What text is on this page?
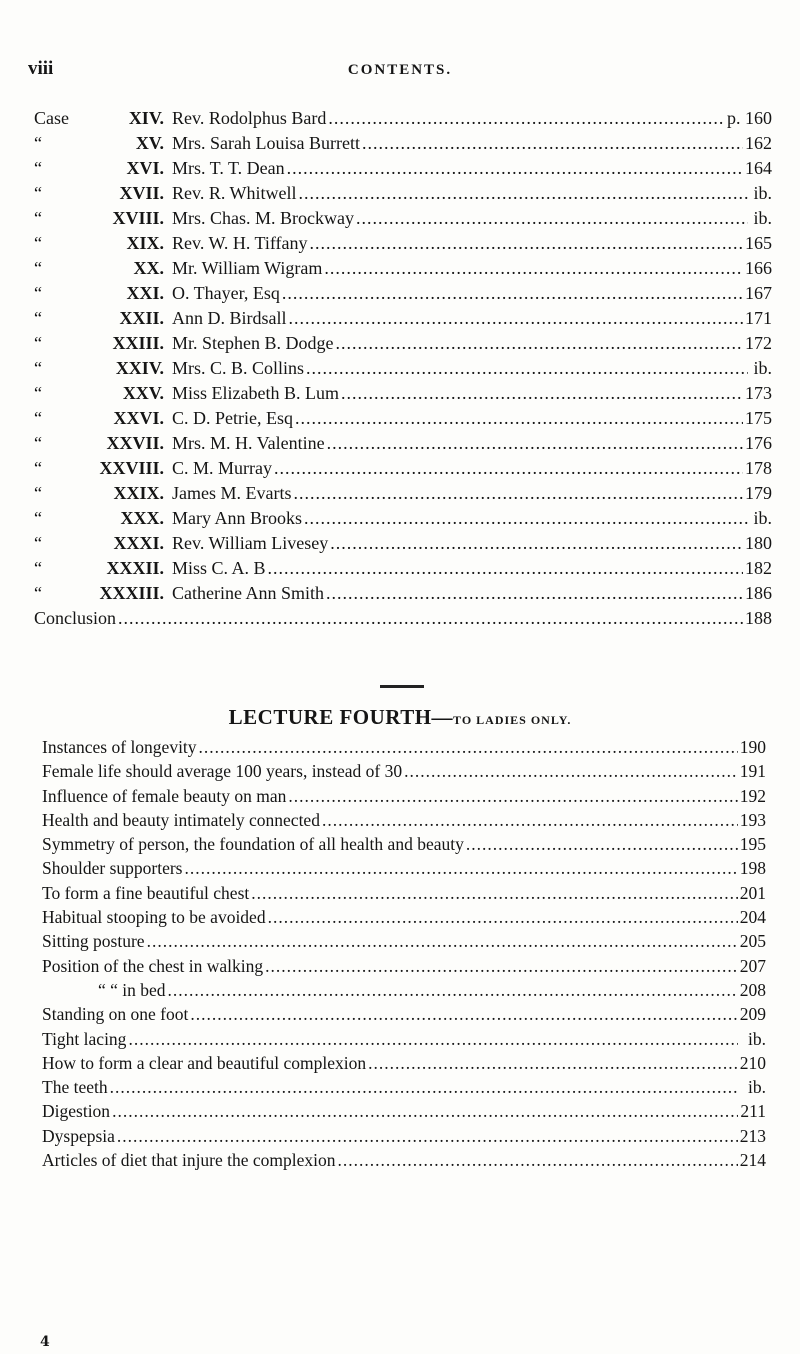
viii	CONTENTS.
Case	XIV. Rev. Rodolphus Bard .....	p. 160
“	XV. Mrs. Sarah Louisa Burrett .....	162
“	XVI. Mrs. T. T. Dean .....	164
“	XVII. Rev. R. Whitwell .....	ib.
“	XVIII. Mrs. Chas. M. Brockway .....	ib.
“	XIX. Rev. W. H. Tiffany .....	165
“	XX. Mr. William Wigram .....	166
“	XXI. O. Thayer, Esq .....	167
“	XXII. Ann D. Birdsall .....	171
“	XXIII. Mr. Stephen B. Dodge .....	172
“	XXIV. Mrs. C. B. Collins .....	ib.
“	XXV. Miss Elizabeth B. Lum .....	173
“	XXVI. C. D. Petrie, Esq .....	175
“	XXVII. Mrs. M. H. Valentine .....	176
“	XXVIII. C. M. Murray .....	178
“	XXIX. James M. Evarts .....	179
“	XXX. Mary Ann Brooks .....	ib.
“	XXXI. Rev. William Livesey .....	180
“	XXXII. Miss C. A. B .....	182
“	XXXIII. Catherine Ann Smith .....	186
Conclusion .....	188
LECTURE FOURTH—TO LADIES ONLY.
Instances of longevity .....	190
Female life should average 100 years, instead of 30 .....	191
Influence of female beauty on man .....	192
Health and beauty intimately connected .....	193
Symmetry of person, the foundation of all health and beauty .....	195
Shoulder supporters .....	198
To form a fine beautiful chest .....	201
Habitual stooping to be avoided .....	204
Sitting posture .....	205
Position of the chest in walking .....	207
“ “ in bed .....	208
Standing on one foot .....	209
Tight lacing .....	ib.
How to form a clear and beautiful complexion .....	210
The teeth .....	ib.
Digestion .....	211
Dyspepsia .....	213
Articles of diet that injure the complexion .....	214
4
